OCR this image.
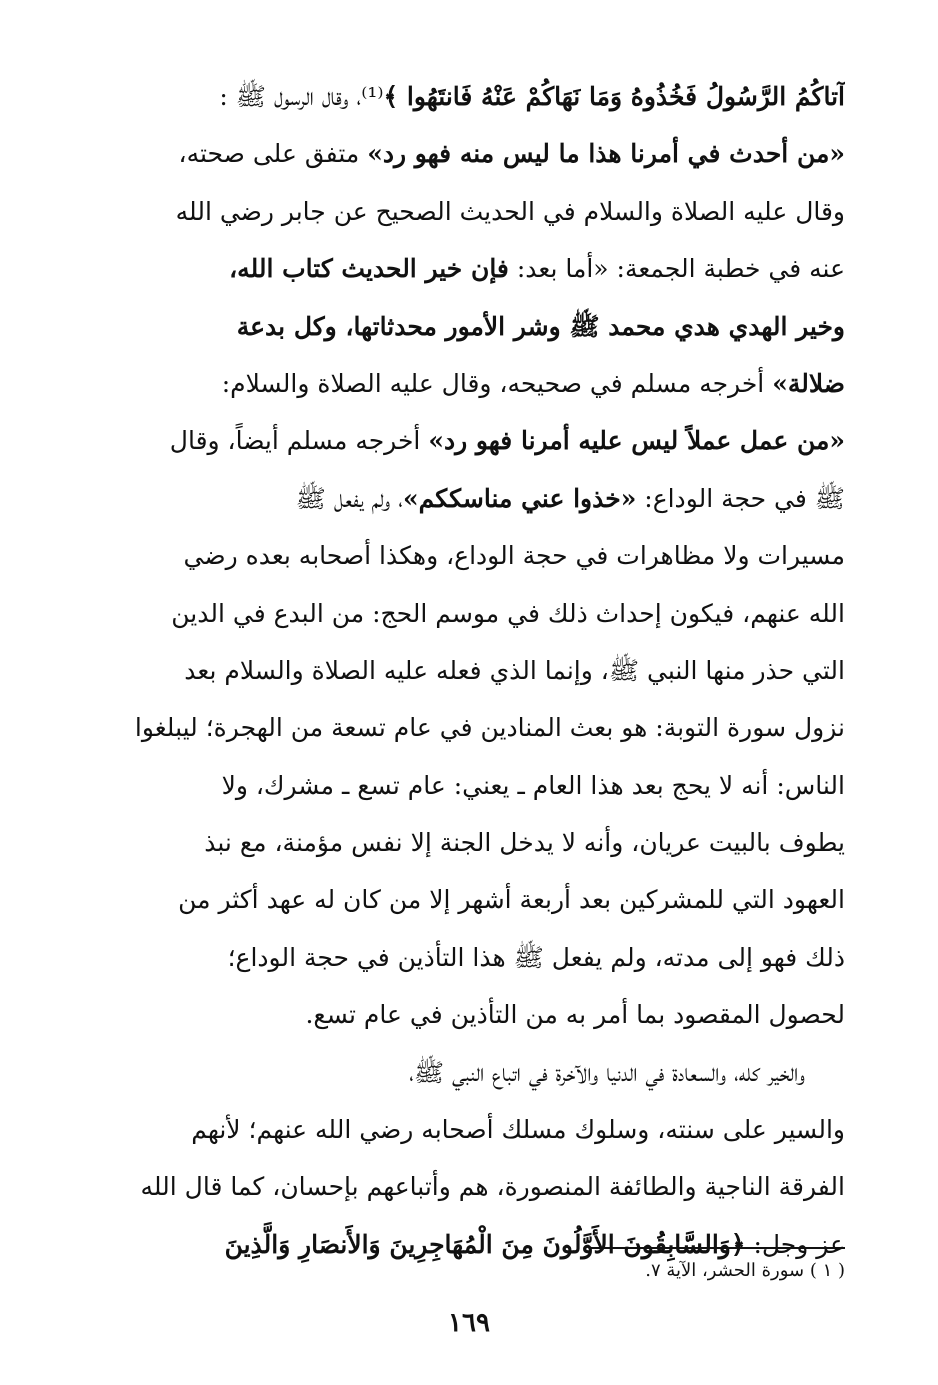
آتاكُمُ الرَّسُولُ فَخُذُوهُ وَمَا نَهَاكُمْ عَنْهُ فَانتَهُوا ﴾⁽¹⁾، وقال الرسول ﷺ :
«من أحدث في أمرنا هذا ما ليس منه فهو رد» متفق على صحته،
وقال عليه الصلاة والسلام في الحديث الصحيح عن جابر رضي الله
عنه في خطبة الجمعة: «أما بعد: فإن خير الحديث كتاب الله،
وخير الهدي هدي محمد ﷺ وشر الأمور محدثاتها، وكل بدعة
ضلالة» أخرجه مسلم في صحيحه، وقال عليه الصلاة والسلام:
«من عمل عملاً ليس عليه أمرنا فهو رد» أخرجه مسلم أيضاً، وقال
ﷺ في حجة الوداع: «خذوا عني مناسككم»، ولم يفعل ﷺ
مسيرات ولا مظاهرات في حجة الوداع، وهكذا أصحابه بعده رضي
الله عنهم، فيكون إحداث ذلك في موسم الحج: من البدع في الدين
التي حذر منها النبي ﷺ، وإنما الذي فعله عليه الصلاة والسلام بعد
نزول سورة التوبة: هو بعث المنادين في عام تسعة من الهجرة؛ ليبلغوا
الناس: أنه لا يحج بعد هذا العام ـ يعني: عام تسع ـ مشرك، ولا
يطوف بالبيت عريان، وأنه لا يدخل الجنة إلا نفس مؤمنة، مع نبذ
العهود التي للمشركين بعد أربعة أشهر إلا من كان له عهد أكثر من
ذلك فهو إلى مدته، ولم يفعل ﷺ هذا التأذين في حجة الوداع؛
لحصول المقصود بما أمر به من التأذين في عام تسع.
والخير كله، والسعادة في الدنيا والآخرة في اتباع النبي ﷺ،
والسير على سنته، وسلوك مسلك أصحابه رضي الله عنهم؛ لأنهم
الفرقة الناجية والطائفة المنصورة، هم وأتباعهم بإحسان، كما قال الله
عز وجل: ﴿وَالسَّابِقُونَ الأَوَّلُونَ مِنَ الْمُهَاجِرِينَ وَالأَنصَارِ وَالَّذِينَ
( ١ ) سورة الحشر، الآية ٧.
١٦٩
